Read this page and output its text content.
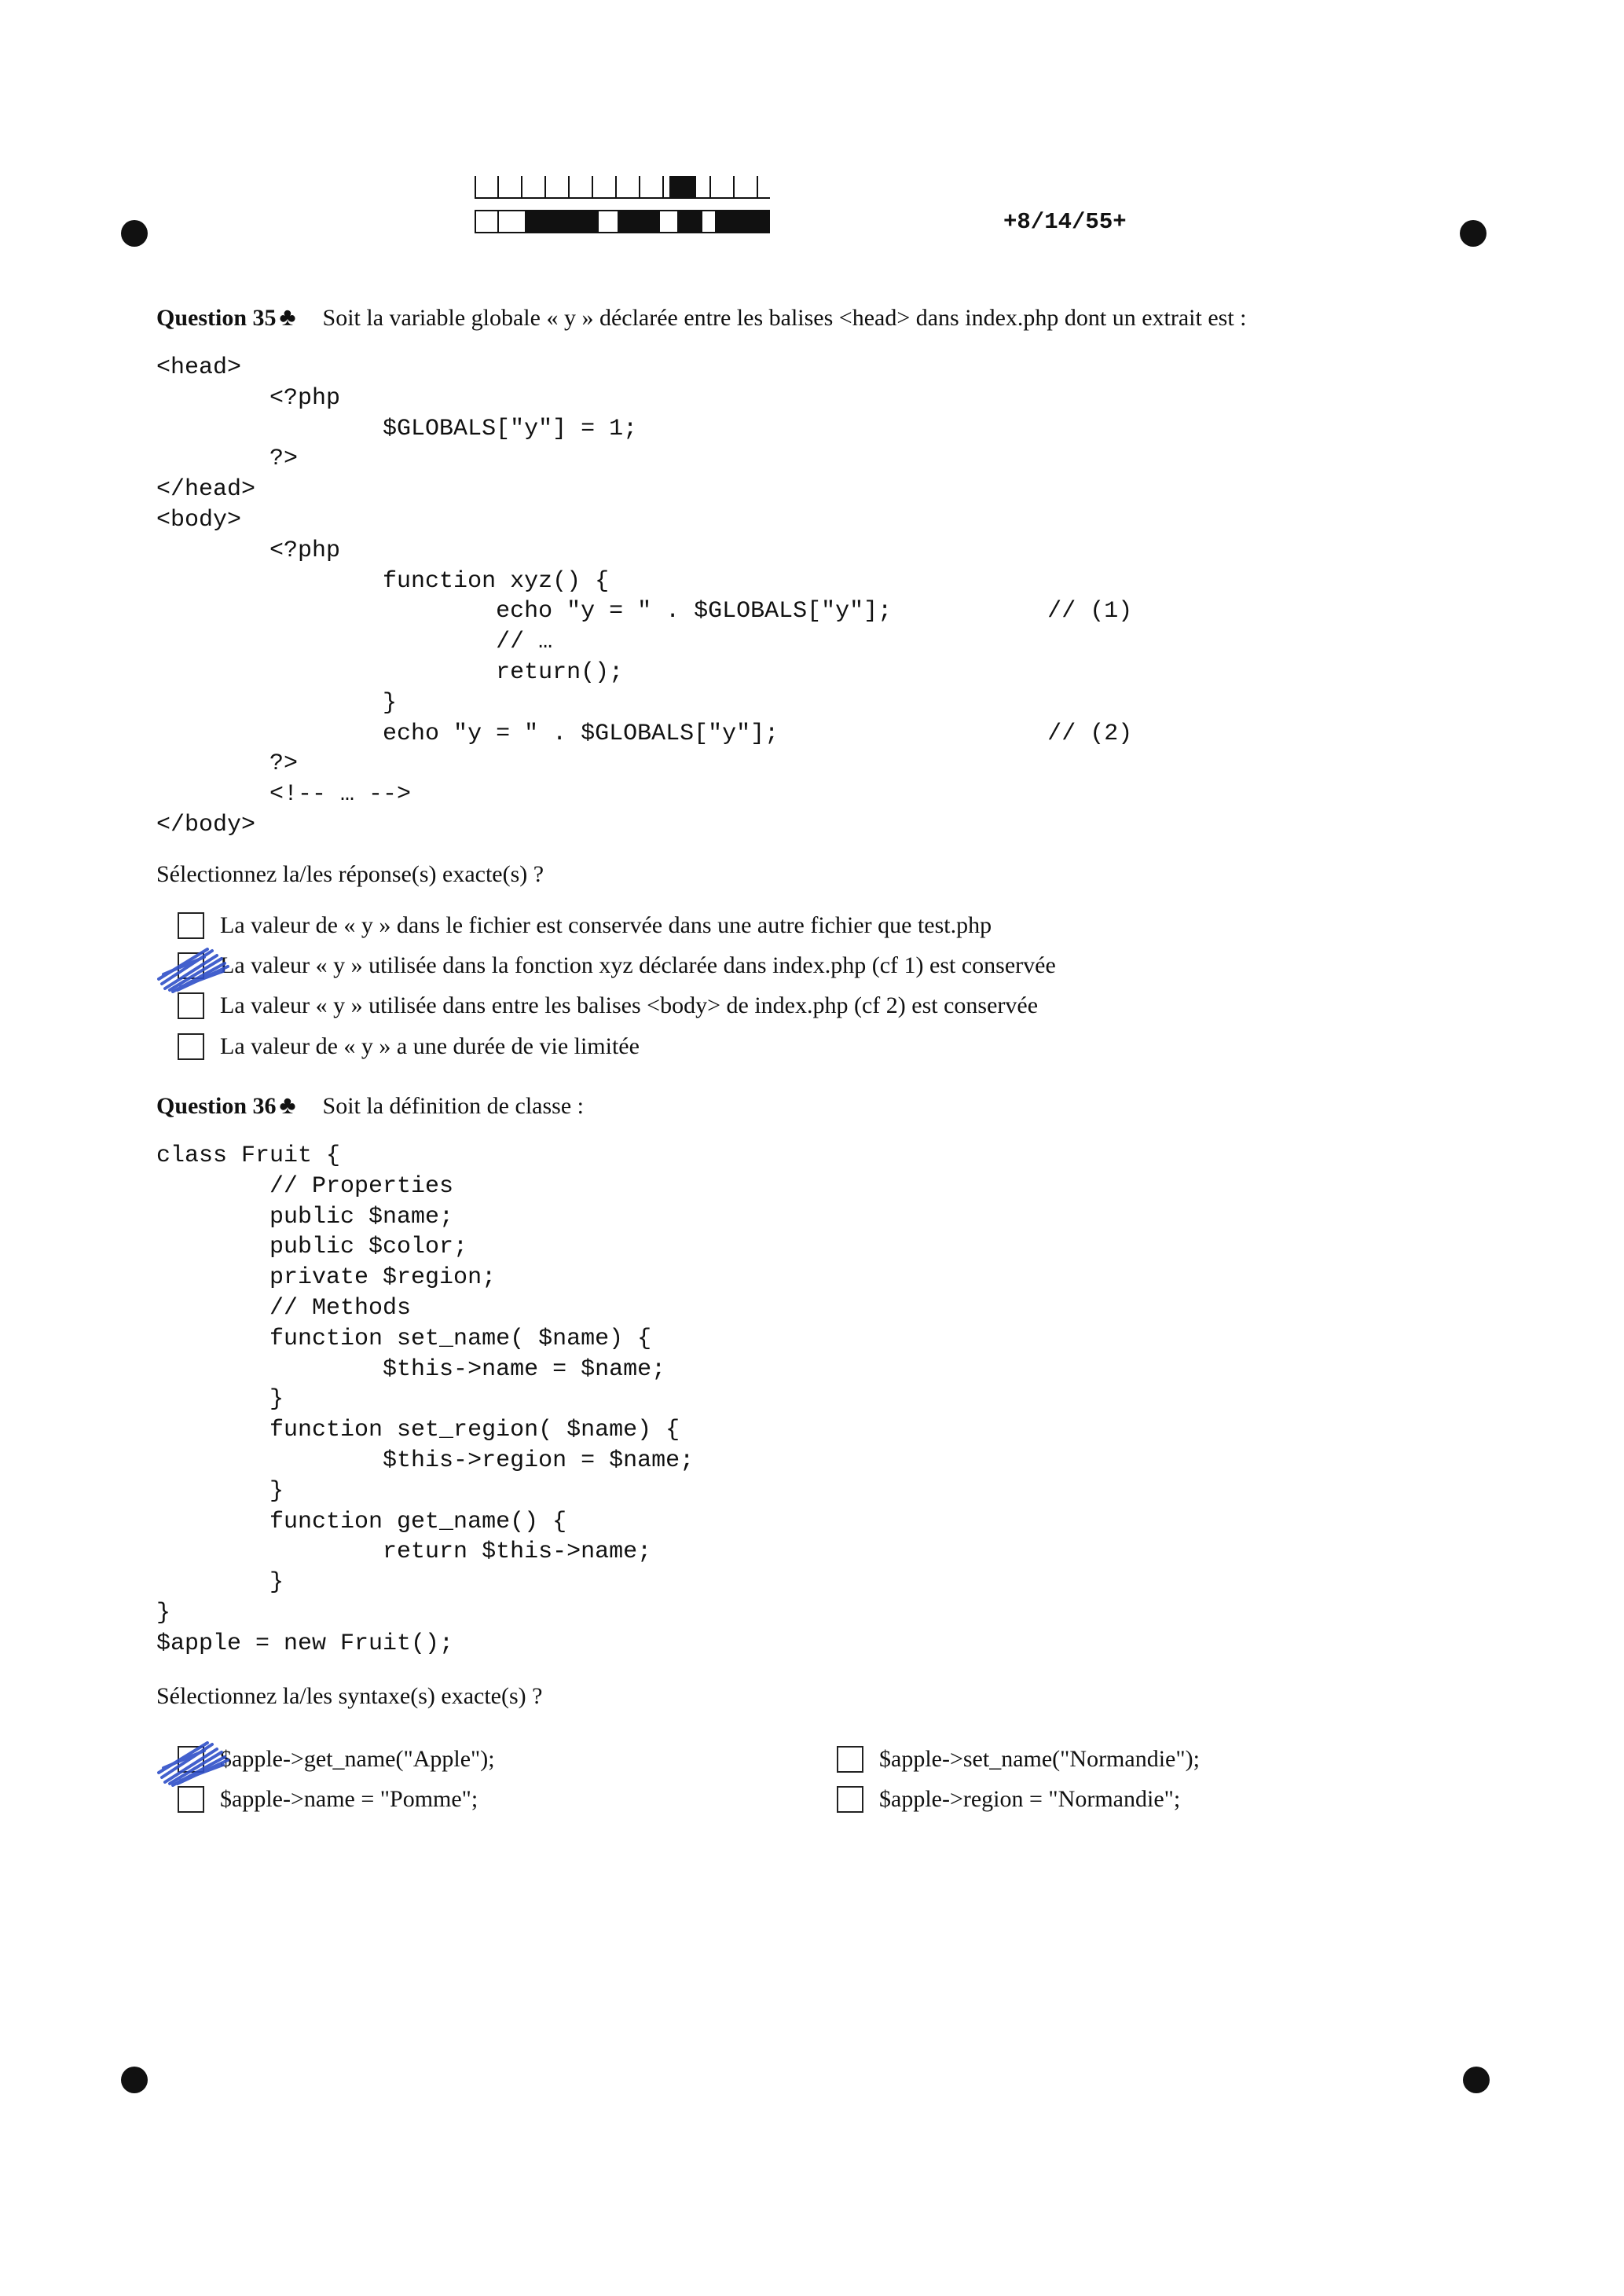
+8/14/55+
Question 35 ♣ Soit la variable globale « y » déclarée entre les balises <head> dans index.php dont un extrait est :
<head>
<?php
$GLOBALS["y"] = 1;
?>
</head>
<body>
<?php
function xyz() {
echo "y = " . $GLOBALS["y"];           // (1)
// …
return();
}
echo "y = " . $GLOBALS["y"];                   // (2)
?>
<!-- … -->
</body>
Sélectionnez la/les réponse(s) exacte(s) ?
La valeur de « y » dans le fichier est conservée dans une autre fichier que test.php
La valeur « y » utilisée dans la fonction xyz déclarée dans index.php (cf 1) est conservée
La valeur « y » utilisée dans entre les balises <body> de index.php (cf 2) est conservée
La valeur de « y » a une durée de vie limitée
Question 36 ♣ Soit la définition de classe :
class Fruit {
// Properties
public $name;
public $color;
private $region;
// Methods
function set_name( $name) {
$this->name = $name;
}
function set_region( $name) {
$this->region = $name;
}
function get_name() {
return $this->name;
}
}
$apple = new Fruit();
Sélectionnez la/les syntaxe(s) exacte(s) ?
$apple->get_name("Apple");	$apple->set_name("Normandie");
$apple->name = "Pomme";	$apple->region = "Normandie";
